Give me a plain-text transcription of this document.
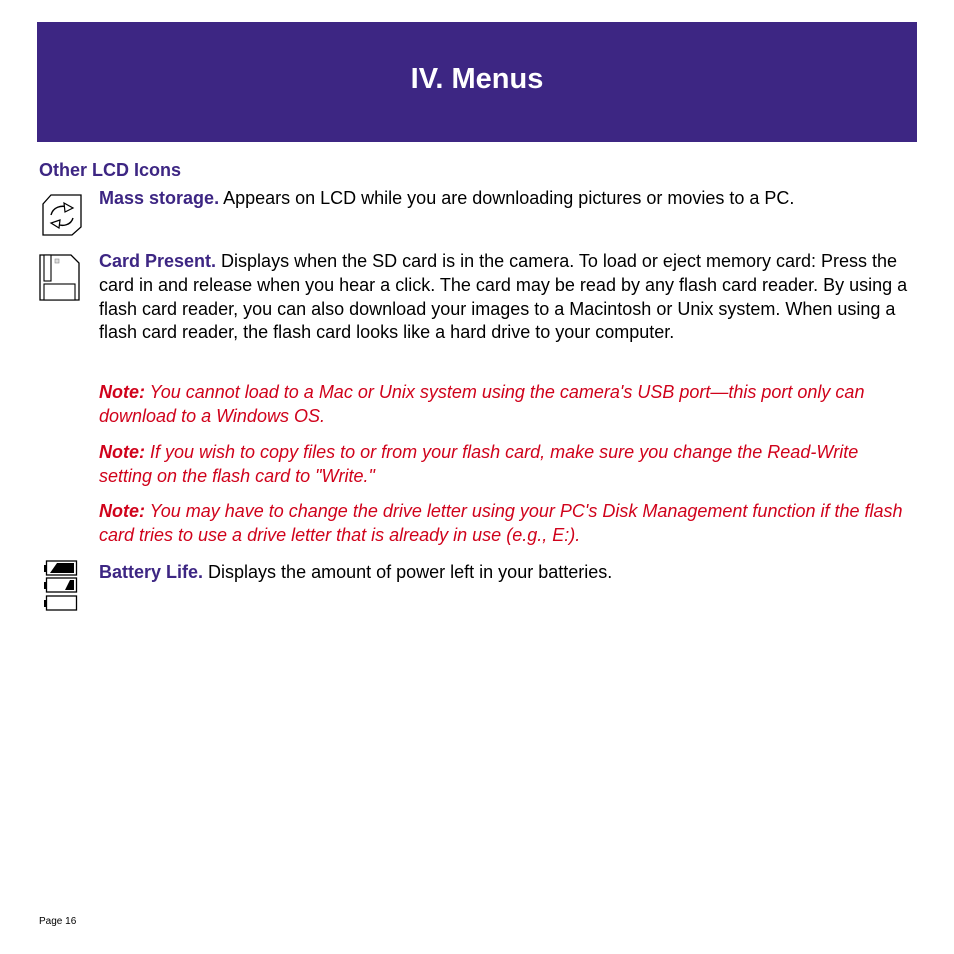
IV. Menus
Other LCD Icons
Mass storage. Appears on LCD while you are downloading pictures or movies to a PC.
Card Present. Displays when the SD card is in the camera. To load or eject memory card: Press the card in and release when you hear a click. The card may be read by any flash card reader. By using a flash card reader, you can also download your images to a Macintosh or Unix system. When using a flash card reader, the flash card looks like a hard drive to your computer.
Note: You cannot load to a Mac or Unix system using the camera's USB port—this port only can download to a Windows OS.
Note: If you wish to copy files to or from your flash card, make sure you change the Read-Write setting on the flash card to "Write."
Note: You may have to change the drive letter using your PC's Disk Management function if the flash card tries to use a drive letter that is already in use (e.g., E:).
Battery Life. Displays the amount of power left in your batteries.
Page 16
